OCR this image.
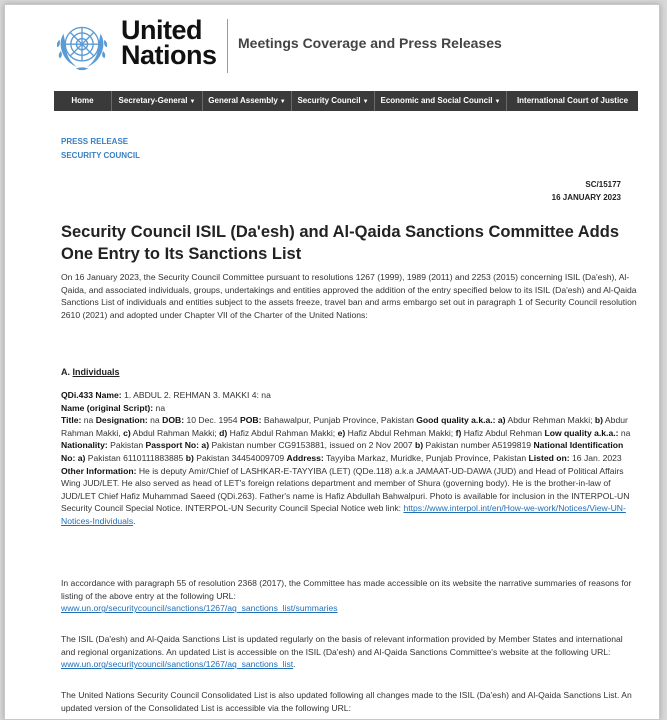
United
Nations Meetings Coverage and Press Releases
Home	Secretary-General ▼	General Assembly ▼	Security Council ▼	Economic and Social Council ▼	International Court of Justice
PRESS RELEASE
SECURITY COUNCIL
SC/15177
16 JANUARY 2023
Security Council ISIL (Da'esh) and Al-Qaida Sanctions Committee Adds One Entry to Its Sanctions List

On 16 January 2023, the Security Council Committee pursuant to resolutions 1267 (1999), 1989 (2011) and 2253 (2015) concerning ISIL (Da'esh), Al-Qaida, and associated individuals, groups, undertakings and entities approved the addition of the entry specified below to its ISIL (Da'esh) and Al-Qaida Sanctions List of individuals and entities subject to the assets freeze, travel ban and arms embargo set out in paragraph 1 of Security Council resolution 2610 (2021) and adopted under Chapter VII of the Charter of the United Nations:

A. Individuals
QDi.433 Name: 1. ABDUL 2. REHMAN 3. MAKKI 4: na
Name (original Script): na
Title: na Designation: na DOB: 10 Dec. 1954 POB: Bahawalpur, Punjab Province, Pakistan Good quality a.k.a.: a) Abdur Rehman Makki; b) Abdur Rahman Makki, c) Abdul Rahman Makki; d) Hafiz Abdul Rahman Makki; e) Hafiz Abdul Rehman Makki; f) Hafiz Abdul Rehman Low quality a.k.a.: na Nationality: Pakistan Passport No: a) Pakistan number CG9153881, issued on 2 Nov 2007 b) Pakistan number A5199819 National Identification No: a) Pakistan 6110111883885 b) Pakistan 34454009709 Address: Tayyiba Markaz, Muridke, Punjab Province, Pakistan Listed on: 16 Jan. 2023 Other Information: He is deputy Amir/Chief of LASHKAR-E-TAYYIBA (LET) (QDe.118) a.k.a JAMAAT-UD-DAWA (JUD) and Head of Political Affairs Wing JUD/LET. He also served as head of LET's foreign relations department and member of Shura (governing body). He is the brother-in-law of JUD/LET Chief Hafiz Muhammad Saeed (QDi.263). Father's name is Hafiz Abdullah Bahwalpuri. Photo is available for inclusion in the INTERPOL-UN Security Council Special Notice. INTERPOL-UN Security Council Special Notice web link: https://www.interpol.int/en/How-we-work/Notices/View-UN-Notices-Individuals.
In accordance with paragraph 55 of resolution 2368 (2017), the Committee has made accessible on its website the narrative summaries of reasons for listing of the above entry at the following URL:
www.un.org/securitycouncil/sanctions/1267/aq_sanctions_list/summaries
The ISIL (Da'esh) and Al-Qaida Sanctions List is updated regularly on the basis of relevant information provided by Member States and international and regional organizations. An updated List is accessible on the ISIL (Da'esh) and Al-Qaida Sanctions Committee's website at the following URL: www.un.org/securitycouncil/sanctions/1267/aq_sanctions_list.
The United Nations Security Council Consolidated List is also updated following all changes made to the ISIL (Da'esh) and Al-Qaida Sanctions List. An updated version of the Consolidated List is accessible via the following URL:
